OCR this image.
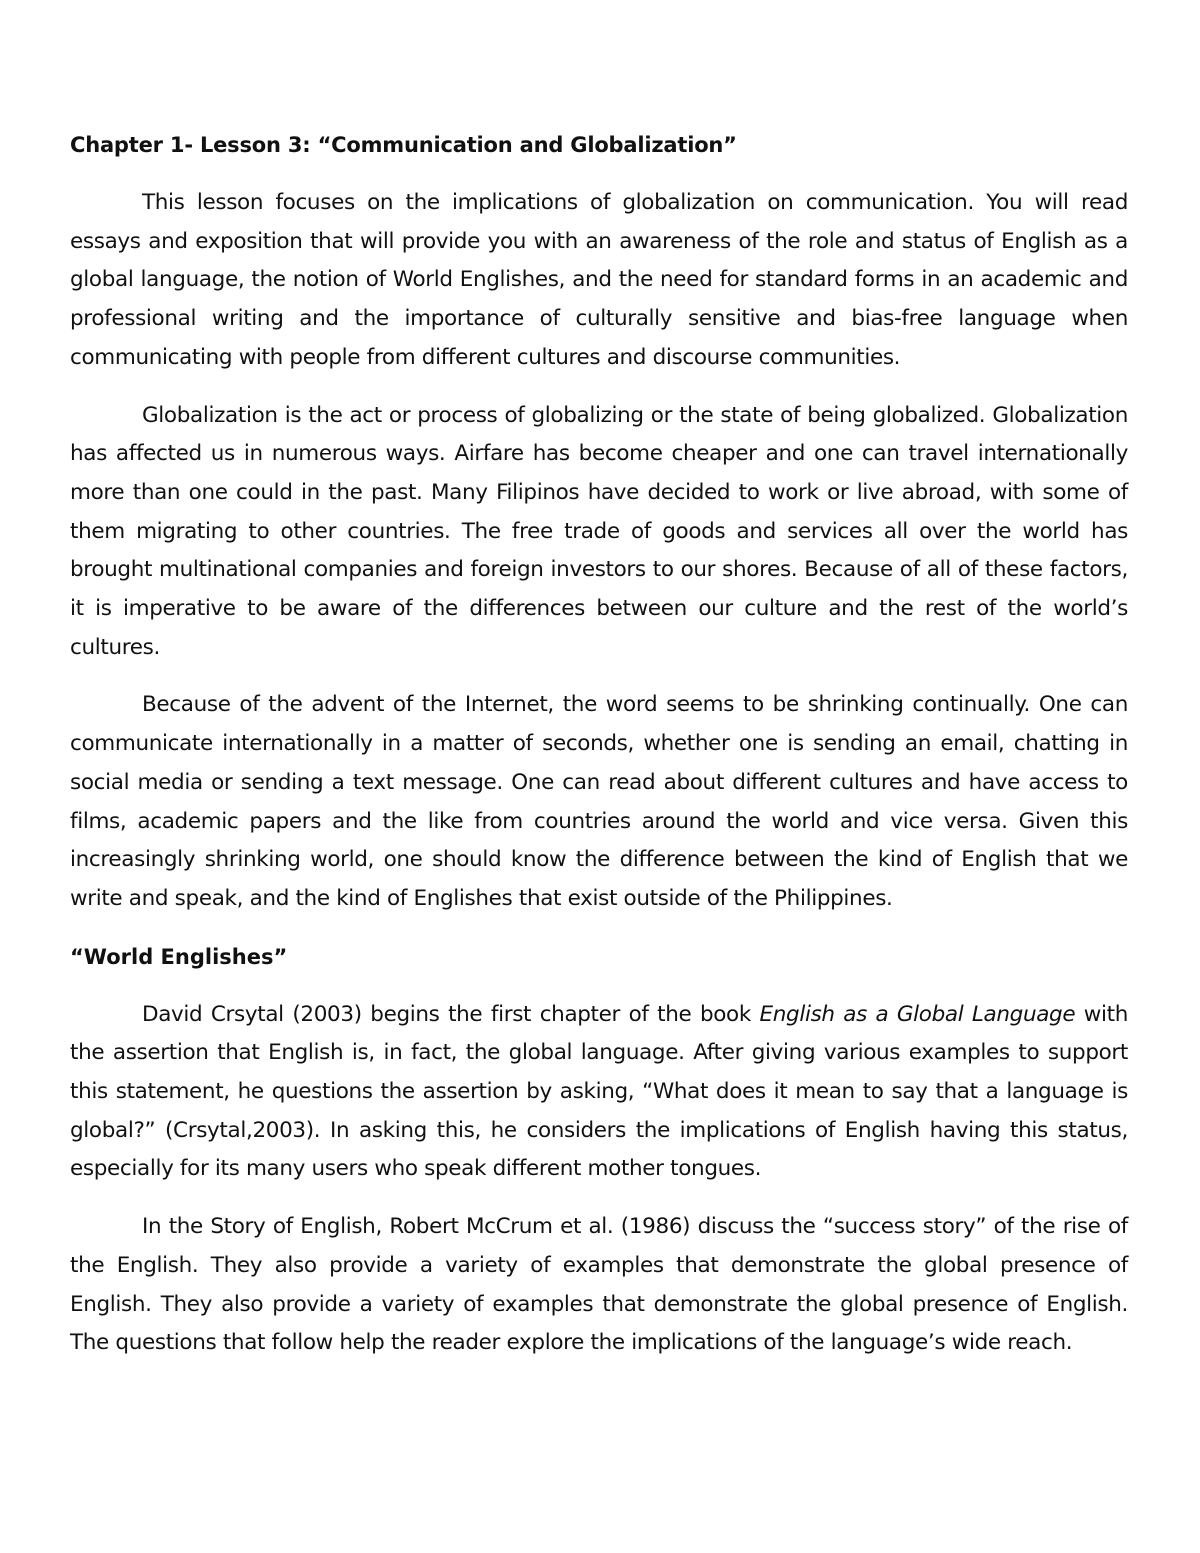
Chapter 1- Lesson 3: “Communication and Globalization”

This lesson focuses on the implications of globalization on communication. You will read essays and exposition that will provide you with an awareness of the role and status of English as a global language, the notion of World Englishes, and the need for standard forms in an academic and professional writing and the importance of culturally sensitive and bias-free language when communicating with people from different cultures and discourse communities.

Globalization is the act or process of globalizing or the state of being globalized. Globalization has affected us in numerous ways. Airfare has become cheaper and one can travel internationally more than one could in the past. Many Filipinos have decided to work or live abroad, with some of them migrating to other countries. The free trade of goods and services all over the world has brought multinational companies and foreign investors to our shores. Because of all of these factors, it is imperative to be aware of the differences between our culture and the rest of the world’s cultures.

Because of the advent of the Internet, the word seems to be shrinking continually. One can communicate internationally in a matter of seconds, whether one is sending an email, chatting in social media or sending a text message. One can read about different cultures and have access to films, academic papers and the like from countries around the world and vice versa. Given this increasingly shrinking world, one should know the difference between the kind of English that we write and speak, and the kind of Englishes that exist outside of the Philippines.

“World Englishes”

David Crsytal (2003) begins the first chapter of the book English as a Global Language with the assertion that English is, in fact, the global language. After giving various examples to support this statement, he questions the assertion by asking, “What does it mean to say that a language is global?” (Crsytal,2003). In asking this, he considers the implications of English having this status, especially for its many users who speak different mother tongues.

In the Story of English, Robert McCrum et al. (1986) discuss the “success story” of the rise of the English. They also provide a variety of examples that demonstrate the global presence of English. They also provide a variety of examples that demonstrate the global presence of English. The questions that follow help the reader explore the implications of the language’s wide reach.
